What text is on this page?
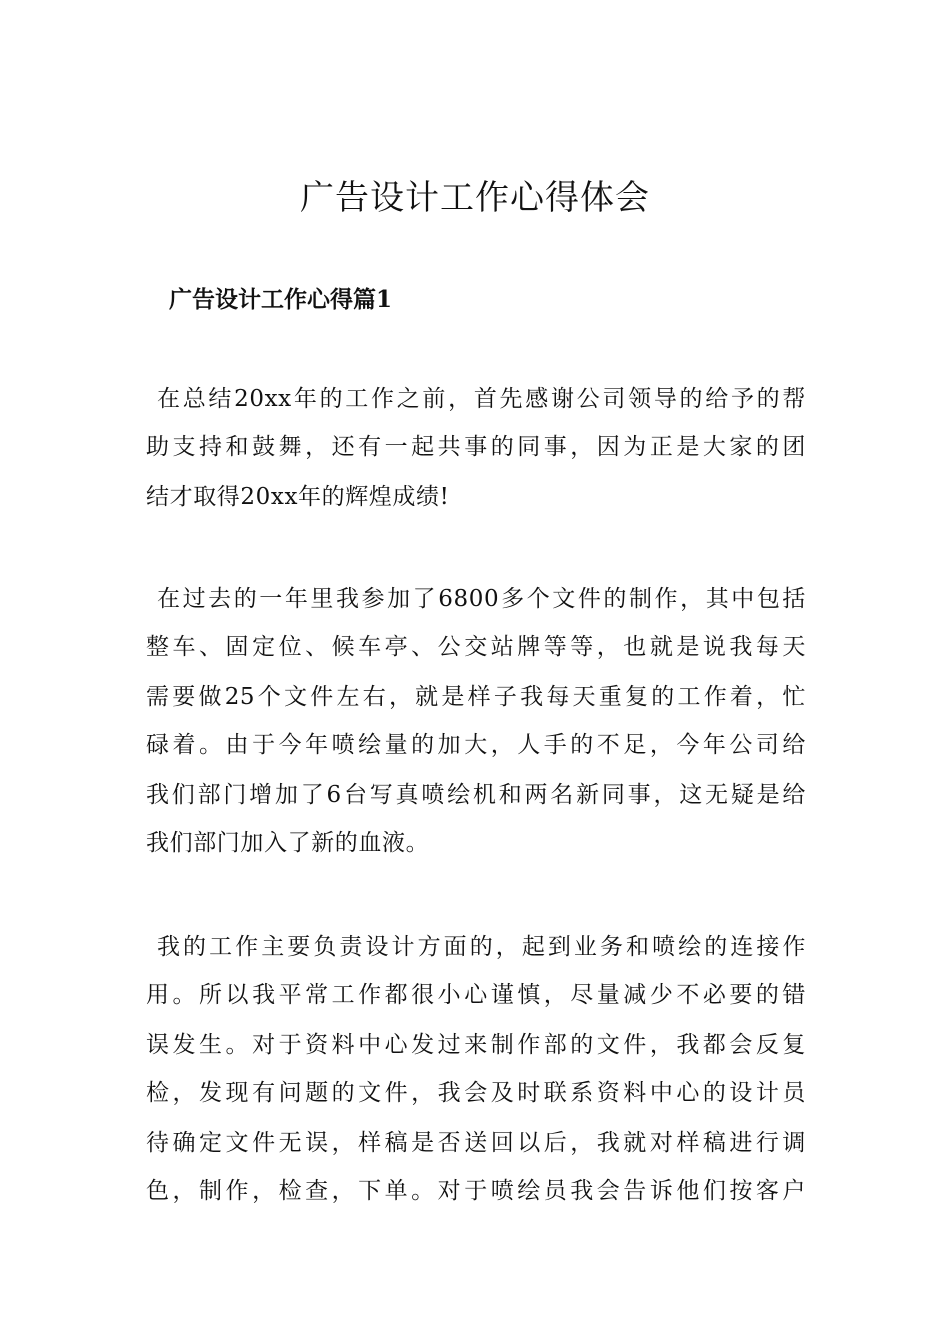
广告设计工作心得体会
广告设计工作心得篇1
在总结20xx年的工作之前，首先感谢公司领导的给予的帮
助支持和鼓舞，还有一起共事的同事，因为正是大家的团
结才取得20xx年的辉煌成绩!
在过去的一年里我参加了6800多个文件的制作，其中包括
整车、固定位、候车亭、公交站牌等等，也就是说我每天
需要做25个文件左右，就是样子我每天重复的工作着，忙
碌着。由于今年喷绘量的加大，人手的不足，今年公司给
我们部门增加了6台写真喷绘机和两名新同事，这无疑是给
我们部门加入了新的血液。
我的工作主要负责设计方面的，起到业务和喷绘的连接作
用。所以我平常工作都很小心谨慎，尽量减少不必要的错
误发生。对于资料中心发过来制作部的文件，我都会反复
检，发现有问题的文件，我会及时联系资料中心的设计员
待确定文件无误，样稿是否送回以后，我就对样稿进行调
色，制作，检查，下单。对于喷绘员我会告诉他们按客户
